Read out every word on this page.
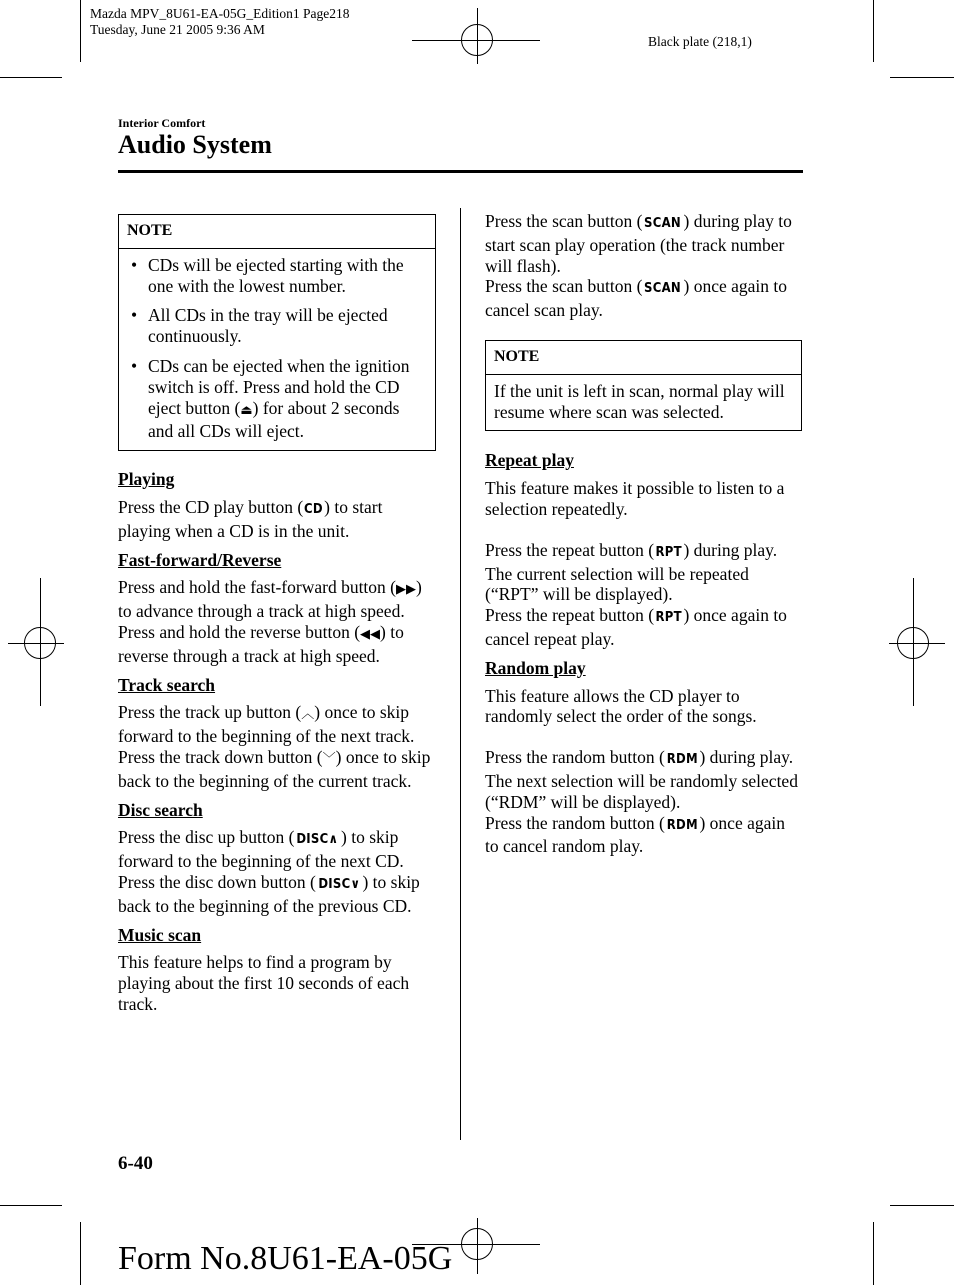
Mazda MPV_8U61-EA-05G_Edition1 Page218
Tuesday, June 21 2005 9:36 AM
Black plate (218,1)
Interior Comfort
Audio System
NOTE
• CDs will be ejected starting with the one with the lowest number.
• All CDs in the tray will be ejected continuously.
• CDs can be ejected when the ignition switch is off. Press and hold the CD eject button (⏏) for about 2 seconds and all CDs will eject.
Playing

Press the CD play button (CD) to start playing when a CD is in the unit.

Fast-forward/Reverse

Press and hold the fast-forward button (▶▶) to advance through a track at high speed.

Press and hold the reverse button (◀◀) to reverse through a track at high speed.

Track search

Press the track up button (︿) once to skip forward to the beginning of the next track.

Press the track down button (﹀) once to skip back to the beginning of the current track.

Disc search

Press the disc up button ( DISC∧ ) to skip forward to the beginning of the next CD.

Press the disc down button ( DISC∨ ) to skip back to the beginning of the previous CD.

Music scan

This feature helps to find a program by playing about the first 10 seconds of each track.

Press the scan button ( SCAN ) during play to start scan play operation (the track number will flash).

Press the scan button ( SCAN ) once again to cancel scan play.

NOTE
If the unit is left in scan, normal play will resume where scan was selected.
Repeat play

This feature makes it possible to listen to a selection repeatedly.

Press the repeat button (RPT) during play. The current selection will be repeated (“RPT” will be displayed).

Press the repeat button (RPT) once again to cancel repeat play.

Random play

This feature allows the CD player to randomly select the order of the songs.

Press the random button ( RDM) during play. The next selection will be randomly selected (“RDM” will be displayed).

Press the random button ( RDM) once again to cancel random play.

6-40
Form No.8U61-EA-05G
